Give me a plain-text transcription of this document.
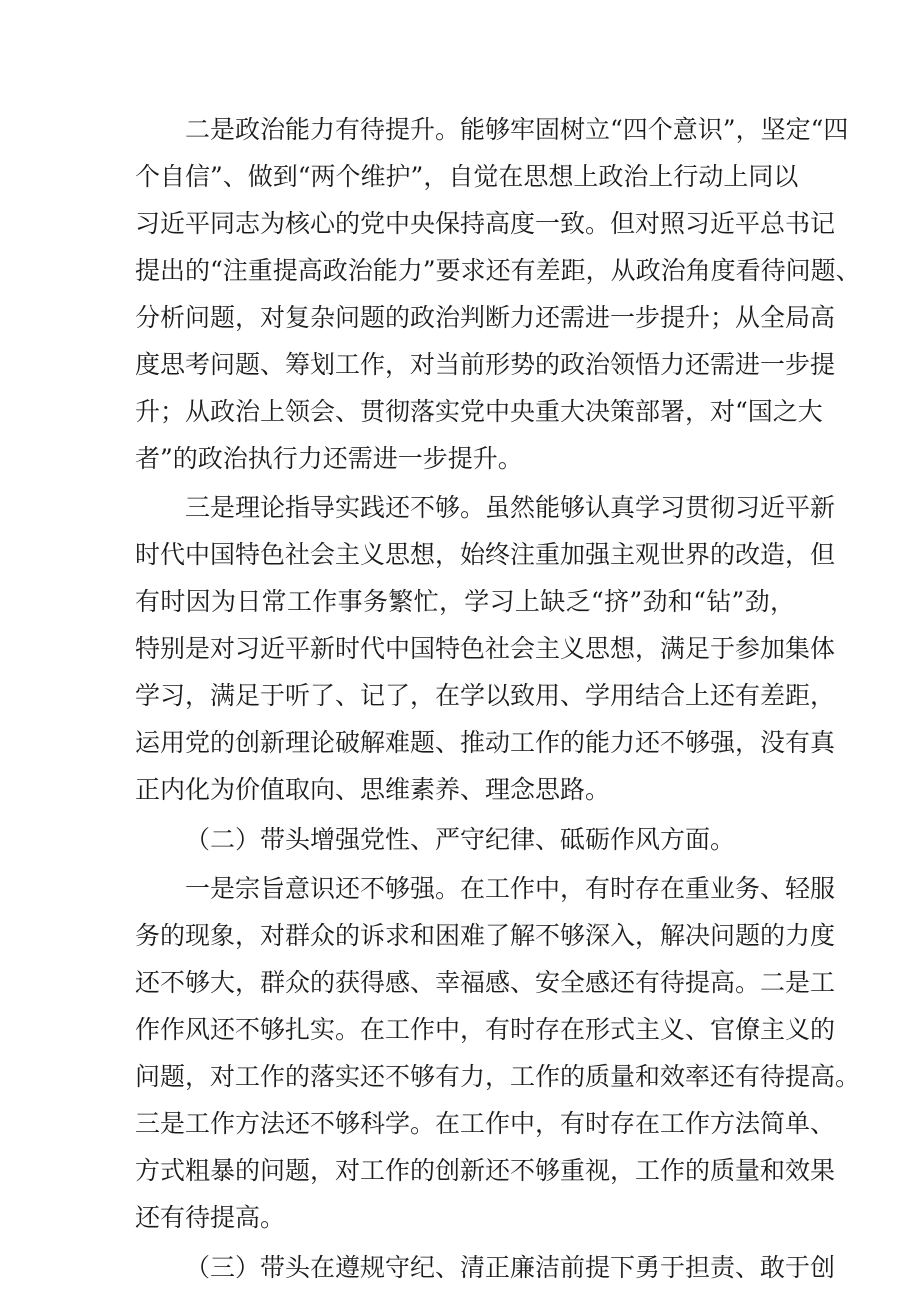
二是政治能力有待提升。能够牢固树立“四个意识”，坚定“四
个自信”、做到“两个维护”，自觉在思想上政治上行动上同以
习近平同志为核心的党中央保持高度一致。但对照习近平总书记
提出的“注重提高政治能力”要求还有差距，从政治角度看待问题、
分析问题，对复杂问题的政治判断力还需进一步提升；从全局高
度思考问题、筹划工作，对当前形势的政治领悟力还需进一步提
升；从政治上领会、贯彻落实党中央重大决策部署，对“国之大
者”的政治执行力还需进一步提升。
三是理论指导实践还不够。虽然能够认真学习贯彻习近平新
时代中国特色社会主义思想，始终注重加强主观世界的改造，但
有时因为日常工作事务繁忙，学习上缺乏“挤”劲和“钻”劲，
特别是对习近平新时代中国特色社会主义思想，满足于参加集体
学习，满足于听了、记了，在学以致用、学用结合上还有差距，
运用党的创新理论破解难题、推动工作的能力还不够强，没有真
正内化为价值取向、思维素养、理念思路。
（二）带头增强党性、严守纪律、砥砺作风方面。
一是宗旨意识还不够强。在工作中，有时存在重业务、轻服
务的现象，对群众的诉求和困难了解不够深入，解决问题的力度
还不够大，群众的获得感、幸福感、安全感还有待提高。二是工
作作风还不够扎实。在工作中，有时存在形式主义、官僚主义的
问题，对工作的落实还不够有力，工作的质量和效率还有待提高。
三是工作方法还不够科学。在工作中，有时存在工作方法简单、
方式粗暴的问题，对工作的创新还不够重视，工作的质量和效果
还有待提高。
（三）带头在遵规守纪、清正廉洁前提下勇于担责、敢于创
